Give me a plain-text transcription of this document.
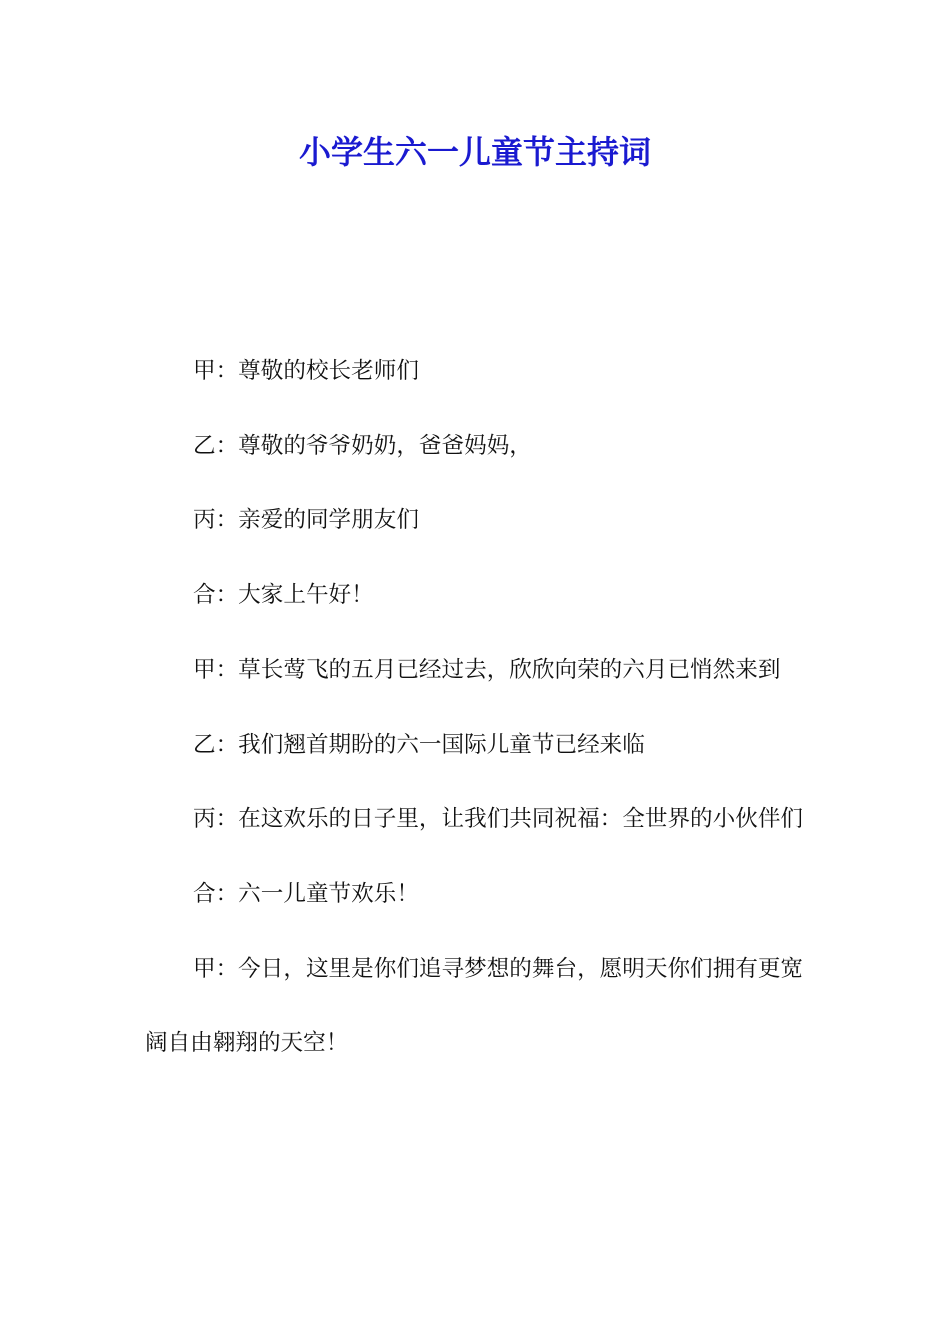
小学生六一儿童节主持词

甲：尊敬的校长老师们

乙：尊敬的爷爷奶奶，爸爸妈妈，

丙：亲爱的同学朋友们

合：大家上午好！

甲：草长莺飞的五月已经过去，欣欣向荣的六月已悄然来到

乙：我们翘首期盼的六一国际儿童节已经来临

丙：在这欢乐的日子里，让我们共同祝福：全世界的小伙伴们

合：六一儿童节欢乐！

甲：今日，这里是你们追寻梦想的舞台，愿明天你们拥有更宽阔自由翱翔的天空！
